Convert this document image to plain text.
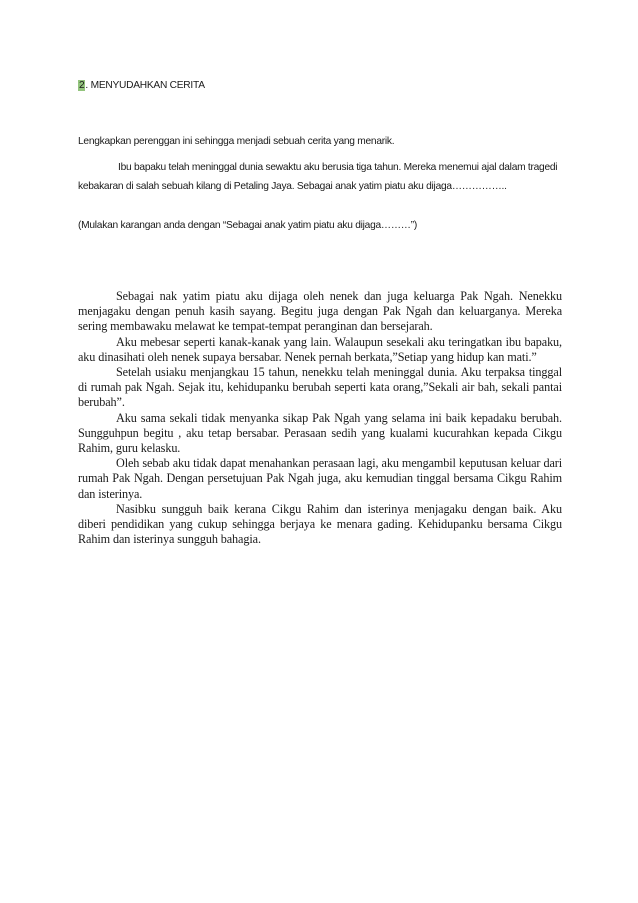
2. MENYUDAHKAN CERITA
Lengkapkan perenggan ini sehingga menjadi sebuah cerita yang menarik.

Ibu bapaku telah meninggal dunia sewaktu aku berusia tiga tahun. Mereka menemui ajal dalam tragedi kebakaran di salah sebuah kilang di Petaling Jaya. Sebagai anak yatim piatu aku dijaga……………..

(Mulakan karangan anda dengan “Sebagai anak yatim piatu aku dijaga………”)

Sebagai nak yatim piatu aku dijaga oleh nenek dan juga keluarga Pak Ngah. Nenekku menjagaku dengan penuh kasih sayang. Begitu juga dengan Pak Ngah dan keluarganya. Mereka sering membawaku melawat ke tempat-tempat peranginan dan bersejarah.

Aku mebesar seperti kanak-kanak yang lain. Walaupun sesekali aku teringatkan ibu bapaku, aku dinasihati oleh nenek supaya bersabar. Nenek pernah berkata,”Setiap yang hidup kan mati.”

Setelah usiaku menjangkau 15 tahun, nenekku telah meninggal dunia. Aku terpaksa tinggal di rumah pak Ngah. Sejak itu, kehidupanku berubah seperti kata orang,”Sekali air bah, sekali pantai berubah”.

Aku sama sekali tidak menyanka sikap Pak Ngah yang selama ini baik kepadaku berubah. Sungguhpun begitu , aku tetap bersabar. Perasaan sedih yang kualami kucurahkan kepada Cikgu Rahim, guru kelasku.

Oleh sebab aku tidak dapat menahankan perasaan lagi, aku mengambil keputusan keluar dari rumah Pak Ngah. Dengan persetujuan Pak Ngah juga, aku kemudian tinggal bersama Cikgu Rahim dan isterinya.

Nasibku sungguh baik kerana Cikgu Rahim dan isterinya menjagaku dengan baik. Aku diberi pendidikan yang cukup sehingga berjaya ke menara gading. Kehidupanku bersama Cikgu Rahim dan isterinya sungguh bahagia.
